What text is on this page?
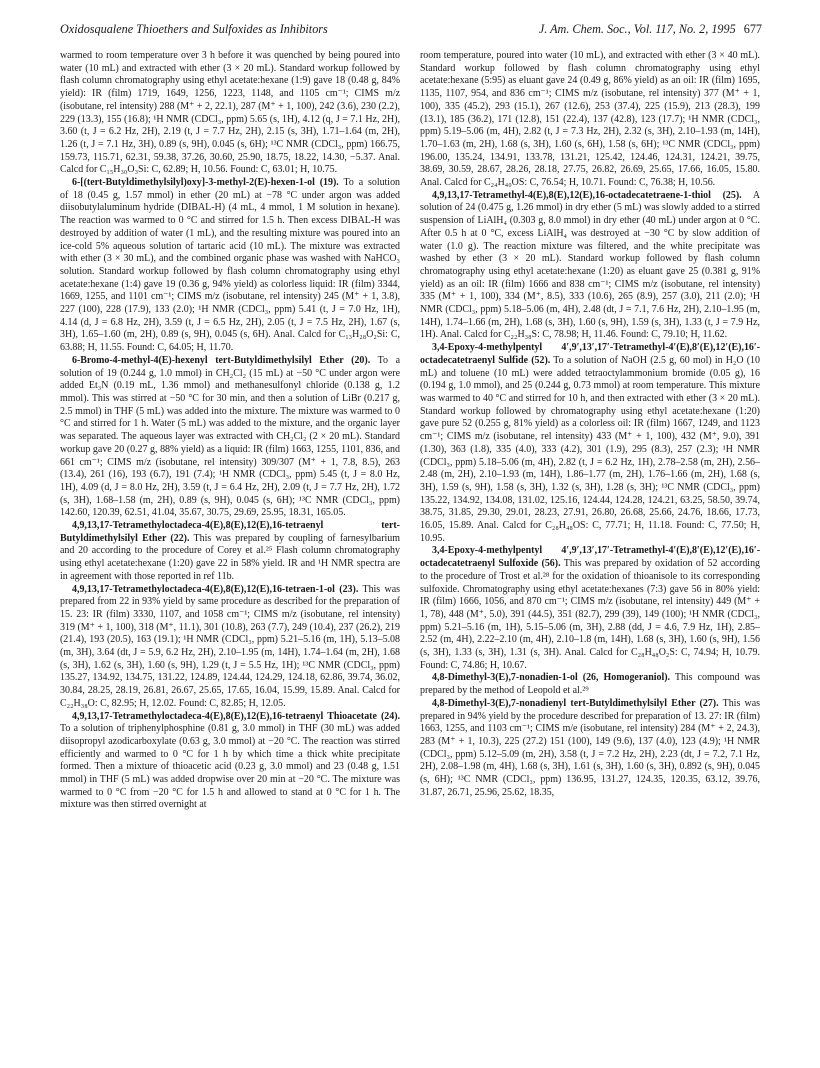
Oxidosqualene Thioethers and Sulfoxides as Inhibitors	J. Am. Chem. Soc., Vol. 117, No. 2, 1995 677

warmed to room temperature over 3 h before it was quenched by being poured into water (10 mL) and extracted with ether (3 × 20 mL). Standard workup followed by flash column chromatography using ethyl acetate:hexane (1:9) gave 18 (0.48 g, 84% yield): IR (film) 1719, 1649, 1256, 1223, 1148, and 1105 cm⁻¹; CIMS m/z (isobutane, rel intensity) 288 (M⁺ + 2, 22.1), 287 (M⁺ + 1, 100), 242 (3.6), 230 (2.2), 229 (13.3), 155 (16.8); ¹H NMR (CDCl₃, ppm) 5.65 (s, 1H), 4.12 (q, J = 7.1 Hz, 2H), 3.60 (t, J = 6.2 Hz, 2H), 2.19 (t, J = 7.7 Hz, 2H), 2.15 (s, 3H), 1.71–1.64 (m, 2H), 1.26 (t, J = 7.1 Hz, 3H), 0.89 (s, 9H), 0.045 (s, 6H); ¹³C NMR (CDCl₃, ppm) 166.75, 159.73, 115.71, 62.31, 59.38, 37.26, 30.60, 25.90, 18.75, 18.22, 14.30, −5.37. Anal. Calcd for C₁₅H₃₀O₃Si: C, 62.89; H, 10.56. Found: C, 63.01; H, 10.75.

6-[(tert-Butyldimethylsilyl)oxy]-3-methyl-2(E)-hexen-1-ol (19). To a solution of 18 (0.45 g, 1.57 mmol) in ether (20 mL) at −78 °C under argon was added diisobutylaluminum hydride (DIBAL-H) (4 mL, 4 mmol, 1 M solution in hexane). The reaction was warmed to 0 °C and stirred for 1.5 h. Then excess DIBAL-H was destroyed by addition of water (1 mL), and the resulting mixture was poured into an ice-cold 5% aqueous solution of tartaric acid (10 mL). The mixture was extracted with ether (3 × 30 mL), and the combined organic phase was washed with NaHCO₃ solution. Standard workup followed by flash column chromatography using ethyl acetate:hexane (1:4) gave 19 (0.36 g, 94% yield) as colorless liquid: IR (film) 3344, 1669, 1255, and 1101 cm⁻¹; CIMS m/z (isobutane, rel intensity) 245 (M⁺ + 1, 3.8), 227 (100), 228 (17.9), 133 (2.0); ¹H NMR (CDCl₃, ppm) 5.41 (t, J = 7.0 Hz, 1H), 4.14 (d, J = 6.8 Hz, 2H), 3.59 (t, J = 6.5 Hz, 2H), 2.05 (t, J = 7.5 Hz, 2H), 1.67 (s, 3H), 1.65–1.60 (m, 2H), 0.89 (s, 9H), 0.045 (s, 6H). Anal. Calcd for C₁₃H₂₈O₂Si: C, 63.88; H, 11.55. Found: C, 64.05; H, 11.70.

6-Bromo-4-methyl-4(E)-hexenyl tert-Butyldimethylsilyl Ether (20). To a solution of 19 (0.244 g, 1.0 mmol) in CH₂Cl₂ (15 mL) at −50 °C under argon were added Et₃N (0.19 mL, 1.36 mmol) and methanesulfonyl chloride (0.138 g, 1.2 mmol). This was stirred at −50 °C for 30 min, and then a solution of LiBr (0.217 g, 2.5 mmol) in THF (5 mL) was added into the mixture. The mixture was warmed to 0 °C and stirred for 1 h. Water (5 mL) was added to the mixture, and the organic layer was separated. The aqueous layer was extracted with CH₂Cl₂ (2 × 20 mL). Standard workup gave 20 (0.27 g, 88% yield) as a liquid: IR (film) 1663, 1255, 1101, 836, and 661 cm⁻¹; CIMS m/z (isobutane, rel intensity) 309/307 (M⁺ + 1, 7.8, 8.5), 263 (13.4), 261 (16), 193 (6.7), 191 (7.4); ¹H NMR (CDCl₃, ppm) 5.45 (t, J = 8.0 Hz, 1H), 4.09 (d, J = 8.0 Hz, 2H), 3.59 (t, J = 6.4 Hz, 2H), 2.09 (t, J = 7.7 Hz, 2H), 1.72 (s, 3H), 1.68–1.58 (m, 2H), 0.89 (s, 9H), 0.045 (s, 6H); ¹³C NMR (CDCl₃, ppm) 142.60, 120.39, 62.51, 41.04, 35.67, 30.75, 29.69, 25.95, 18.31, 165.05.

4,9,13,17-Tetramethyloctadeca-4(E),8(E),12(E),16-tetraenyl tert-Butyldimethylsilyl Ether (22). This was prepared by coupling of farnesylbarium and 20 according to the procedure of Corey et al.²⁵ Flash column chromatography using ethyl acetate:hexane (1:20) gave 22 in 58% yield. IR and ¹H NMR spectra are in agreement with those reported in ref 11b.

4,9,13,17-Tetramethyloctadeca-4(E),8(E),12(E),16-tetraen-1-ol (23). This was prepared from 22 in 93% yield by same procedure as described for the preparation of 15. 23: IR (film) 3330, 1107, and 1058 cm⁻¹; CIMS m/z (isobutane, rel intensity) 319 (M⁺ + 1, 100), 318 (M⁺, 11.1), 301 (10.8), 263 (7.7), 249 (10.4), 237 (26.2), 219 (21.4), 193 (20.5), 163 (19.1); ¹H NMR (CDCl₃, ppm) 5.21–5.16 (m, 1H), 5.13–5.08 (m, 3H), 3.64 (dt, J = 5.9, 6.2 Hz, 2H), 2.10–1.95 (m, 14H), 1.74–1.64 (m, 2H), 1.68 (s, 3H), 1.62 (s, 3H), 1.60 (s, 9H), 1.29 (t, J = 5.5 Hz, 1H); ¹³C NMR (CDCl₃, ppm) 135.27, 134.92, 134.75, 131.22, 124.89, 124.44, 124.29, 124.18, 62.86, 39.74, 36.02, 30.84, 28.25, 28.19, 26.81, 26.67, 25.65, 17.65, 16.04, 15.99, 15.89. Anal. Calcd for C₂₂H₃₈O: C, 82.95; H, 12.02. Found: C, 82.85; H, 12.05.

4,9,13,17-Tetramethyloctadeca-4(E),8(E),12(E),16-tetraenyl Thioacetate (24). To a solution of triphenylphosphine (0.81 g, 3.0 mmol) in THF (30 mL) was added diisopropyl azodicarboxylate (0.63 g, 3.0 mmol) at −20 °C. The reaction was stirred efficiently and warmed to 0 °C for 1 h by which time a thick white precipitate formed. Then a mixture of thioacetic acid (0.23 g, 3.0 mmol) and 23 (0.48 g, 1.51 mmol) in THF (5 mL) was added dropwise over 20 min at −20 °C. The mixture was warmed to 0 °C from −20 °C for 1.5 h and allowed to stand at 0 °C for 1 h. The mixture was then stirred overnight at

room temperature, poured into water (10 mL), and extracted with ether (3 × 40 mL). Standard workup followed by flash column chromatography using ethyl acetate:hexane (5:95) as eluant gave 24 (0.49 g, 86% yield) as an oil: IR (film) 1695, 1135, 1107, 954, and 836 cm⁻¹; CIMS m/z (isobutane, rel intensity) 377 (M⁺ + 1, 100), 335 (45.2), 293 (15.1), 267 (12.6), 253 (37.4), 225 (15.9), 213 (28.3), 199 (13.1), 185 (36.2), 171 (12.8), 151 (22.4), 137 (42.8), 123 (17.7); ¹H NMR (CDCl₃, ppm) 5.19–5.06 (m, 4H), 2.82 (t, J = 7.3 Hz, 2H), 2.32 (s, 3H), 2.10–1.93 (m, 14H), 1.70–1.63 (m, 2H), 1.68 (s, 3H), 1.60 (s, 6H), 1.58 (s, 6H); ¹³C NMR (CDCl₃, ppm) 196.00, 135.24, 134.91, 133.78, 131.21, 125.42, 124.46, 124.31, 124.21, 39.75, 38.69, 30.59, 28.67, 28.26, 28.18, 27.75, 26.82, 26.69, 25.65, 17.66, 16.05, 15.80. Anal. Calcd for C₂₄H₄₀OS: C, 76.54; H, 10.71. Found: C, 76.38; H, 10.56.

4,9,13,17-Tetramethyl-4(E),8(E),12(E),16-octadecatetraene-1-thiol (25). A solution of 24 (0.475 g, 1.26 mmol) in dry ether (5 mL) was slowly added to a stirred suspension of LiAlH₄ (0.303 g, 8.0 mmol) in dry ether (40 mL) under argon at 0 °C. After 0.5 h at 0 °C, excess LiAlH₄ was destroyed at −30 °C by slow addition of water (1.0 g). The reaction mixture was filtered, and the white precipitate was washed by ether (3 × 20 mL). Standard workup followed by flash column chromatography using ethyl acetate:hexane (1:20) as eluant gave 25 (0.381 g, 91% yield) as an oil: IR (film) 1666 and 838 cm⁻¹; CIMS m/z (isobutane, rel intensity) 335 (M⁺ + 1, 100), 334 (M⁺, 8.5), 333 (10.6), 265 (8.9), 257 (3.0), 211 (2.0); ¹H NMR (CDCl₃, ppm) 5.18–5.06 (m, 4H), 2.48 (dt, J = 7.1, 7.6 Hz, 2H), 2.10–1.95 (m, 14H), 1.74–1.66 (m, 2H), 1.68 (s, 3H), 1.60 (s, 9H), 1.59 (s, 3H), 1.33 (t, J = 7.9 Hz, 1H). Anal. Calcd for C₂₂H₃₈S: C, 78.98; H, 11.46. Found: C, 79.10; H, 11.62.

3,4-Epoxy-4-methylpentyl 4′,9′,13′,17′-Tetramethyl-4′(E),8′(E),12′(E),16′-octadecatetraenyl Sulfide (52). To a solution of NaOH (2.5 g, 60 mol) in H₂O (10 mL) and toluene (10 mL) were added tetraoctylammonium bromide (0.05 g), 16 (0.194 g, 1.0 mmol), and 25 (0.244 g, 0.73 mmol) at room temperature. This mixture was warmed to 40 °C and stirred for 10 h, and then extracted with ether (3 × 20 mL). Standard workup followed by chromatography using ethyl acetate:hexane (1:20) gave pure 52 (0.255 g, 81% yield) as a colorless oil: IR (film) 1667, 1249, and 1123 cm⁻¹; CIMS m/z (isobutane, rel intensity) 433 (M⁺ + 1, 100), 432 (M⁺, 9.0), 391 (1.30), 363 (1.8), 335 (4.0), 333 (4.2), 301 (1.9), 295 (8.3), 257 (2.3); ¹H NMR (CDCl₃, ppm) 5.18–5.06 (m, 4H), 2.82 (t, J = 6.2 Hz, 1H), 2.78–2.58 (m, 2H), 2.56–2.48 (m, 2H), 2.10–1.93 (m, 14H), 1.86–1.77 (m, 2H), 1.76–1.66 (m, 2H), 1.68 (s, 3H), 1.59 (s, 9H), 1.58 (s, 3H), 1.32 (s, 3H), 1.28 (s, 3H); ¹³C NMR (CDCl₃, ppm) 135.22, 134.92, 134.08, 131.02, 125.16, 124.44, 124.28, 124.21, 63.25, 58.50, 39.74, 38.75, 31.85, 29.30, 29.01, 28.23, 27.91, 26.80, 26.68, 25.66, 24.76, 18.66, 17.73, 16.05, 15.89. Anal. Calcd for C₂₈H₄₈OS: C, 77.71; H, 11.18. Found: C, 77.50; H, 10.95.

3,4-Epoxy-4-methylpentyl 4′,9′,13′,17′-Tetramethyl-4′(E),8′(E),12′(E),16′-octadecatetraenyl Sulfoxide (56). This was prepared by oxidation of 52 according to the procedure of Trost et al.²⁸ for the oxidation of thioanisole to its corresponding sulfoxide. Chromatography using ethyl acetate:hexanes (7:3) gave 56 in 80% yield: IR (film) 1666, 1056, and 870 cm⁻¹; CIMS m/z (isobutane, rel intensity) 449 (M⁺ + 1, 78), 448 (M⁺, 5.0), 391 (44.5), 351 (82.7), 299 (39), 149 (100); ¹H NMR (CDCl₃, ppm) 5.21–5.16 (m, 1H), 5.15–5.06 (m, 3H), 2.88 (dd, J = 4.6, 7.9 Hz, 1H), 2.85–2.52 (m, 4H), 2.22–2.10 (m, 4H), 2.10–1.8 (m, 14H), 1.68 (s, 3H), 1.60 (s, 9H), 1.56 (s, 3H), 1.33 (s, 3H), 1.31 (s, 3H). Anal. Calcd for C₂₈H₄₈O₂S: C, 74.94; H, 10.79. Found: C, 74.86; H, 10.67.

4,8-Dimethyl-3(E),7-nonadien-1-ol (26, Homogeraniol). This compound was prepared by the method of Leopold et al.²⁹

4,8-Dimethyl-3(E),7-nonadienyl tert-Butyldimethylsilyl Ether (27). This was prepared in 94% yield by the procedure described for preparation of 13. 27: IR (film) 1663, 1255, and 1103 cm⁻¹; CIMS m/e (isobutane, rel intensity) 284 (M⁺ + 2, 24.3), 283 (M⁺ + 1, 10.3), 225 (27.2) 151 (100), 149 (9.6), 137 (4.0), 123 (4.9); ¹H NMR (CDCl₃, ppm) 5.12–5.09 (m, 2H), 3.58 (t, J = 7.2 Hz, 2H), 2.23 (dt, J = 7.2, 7.1 Hz, 2H), 2.08–1.98 (m, 4H), 1.68 (s, 3H), 1.61 (s, 3H), 1.60 (s, 3H), 0.892 (s, 9H), 0.045 (s, 6H); ¹³C NMR (CDCl₃, ppm) 136.95, 131.27, 124.35, 120.35, 63.12, 39.76, 31.87, 26.71, 25.96, 25.62, 18.35,
